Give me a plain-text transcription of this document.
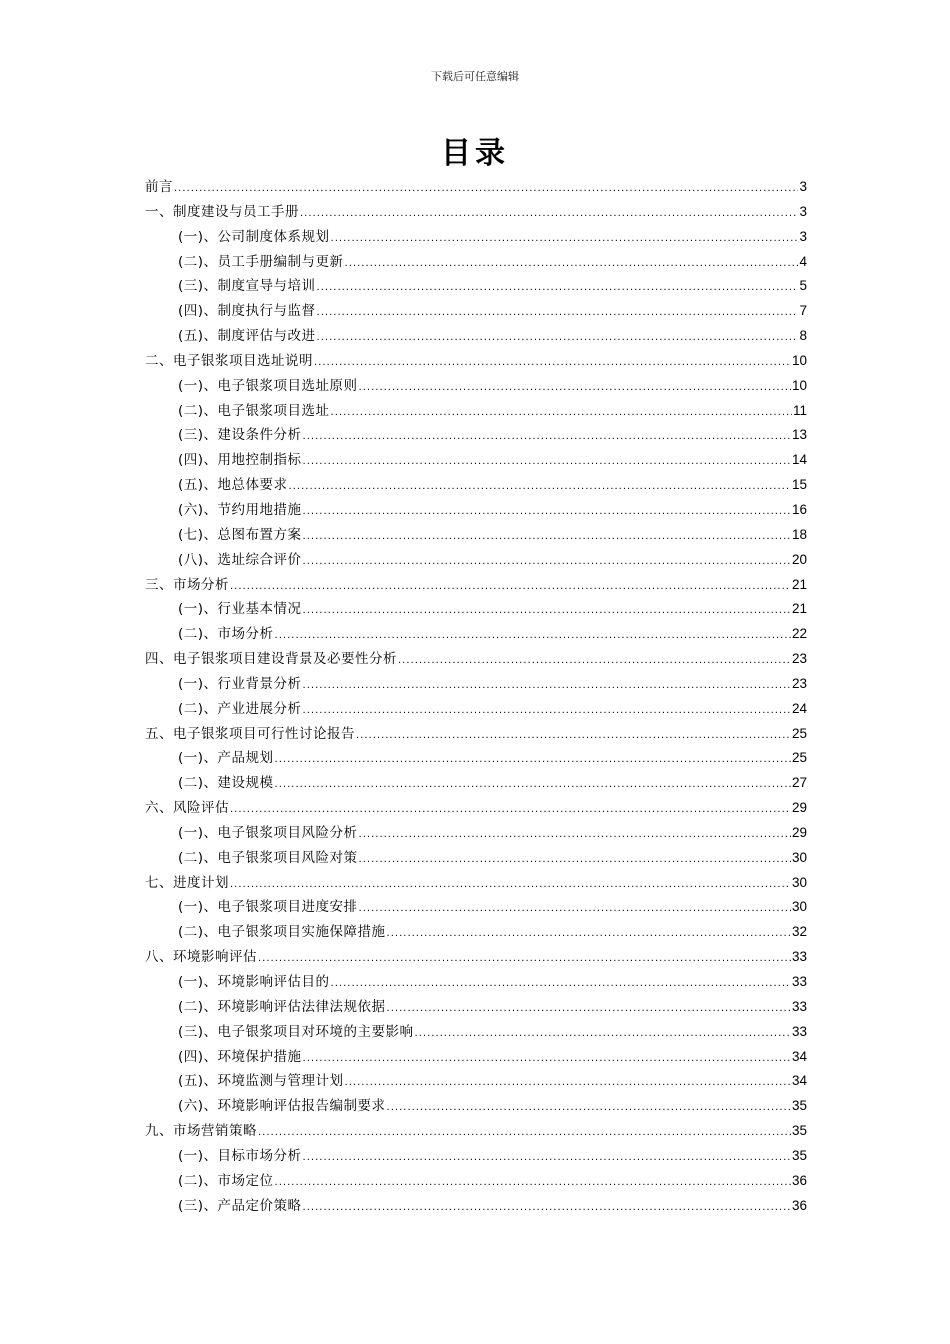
下载后可任意编辑
目录
前言 .....	3
一、制度建设与员工手册 .....	3
(一)、公司制度体系规划 .....	3
(二)、员工手册编制与更新 .....	4
(三)、制度宣导与培训 .....	5
(四)、制度执行与监督 .....	7
(五)、制度评估与改进 .....	8
二、电子银浆项目选址说明 .....	10
(一)、电子银浆项目选址原则 .....	10
(二)、电子银浆项目选址 .....	11
(三)、建设条件分析 .....	13
(四)、用地控制指标 .....	14
(五)、地总体要求 .....	15
(六)、节约用地措施 .....	16
(七)、总图布置方案 .....	18
(八)、选址综合评价 .....	20
三、市场分析 .....	21
(一)、行业基本情况 .....	21
(二)、市场分析 .....	22
四、电子银浆项目建设背景及必要性分析 .....	23
(一)、行业背景分析 .....	23
(二)、产业进展分析 .....	24
五、电子银浆项目可行性讨论报告 .....	25
(一)、产品规划 .....	25
(二)、建设规模 .....	27
六、风险评估 .....	29
(一)、电子银浆项目风险分析 .....	29
(二)、电子银浆项目风险对策 .....	30
七、进度计划 .....	30
(一)、电子银浆项目进度安排 .....	30
(二)、电子银浆项目实施保障措施 .....	32
八、环境影响评估 .....	33
(一)、环境影响评估目的 .....	33
(二)、环境影响评估法律法规依据 .....	33
(三)、电子银浆项目对环境的主要影响 .....	33
(四)、环境保护措施 .....	34
(五)、环境监测与管理计划 .....	34
(六)、环境影响评估报告编制要求 .....	35
九、市场营销策略 .....	35
(一)、目标市场分析 .....	35
(二)、市场定位 .....	36
(三)、产品定价策略 .....	36
